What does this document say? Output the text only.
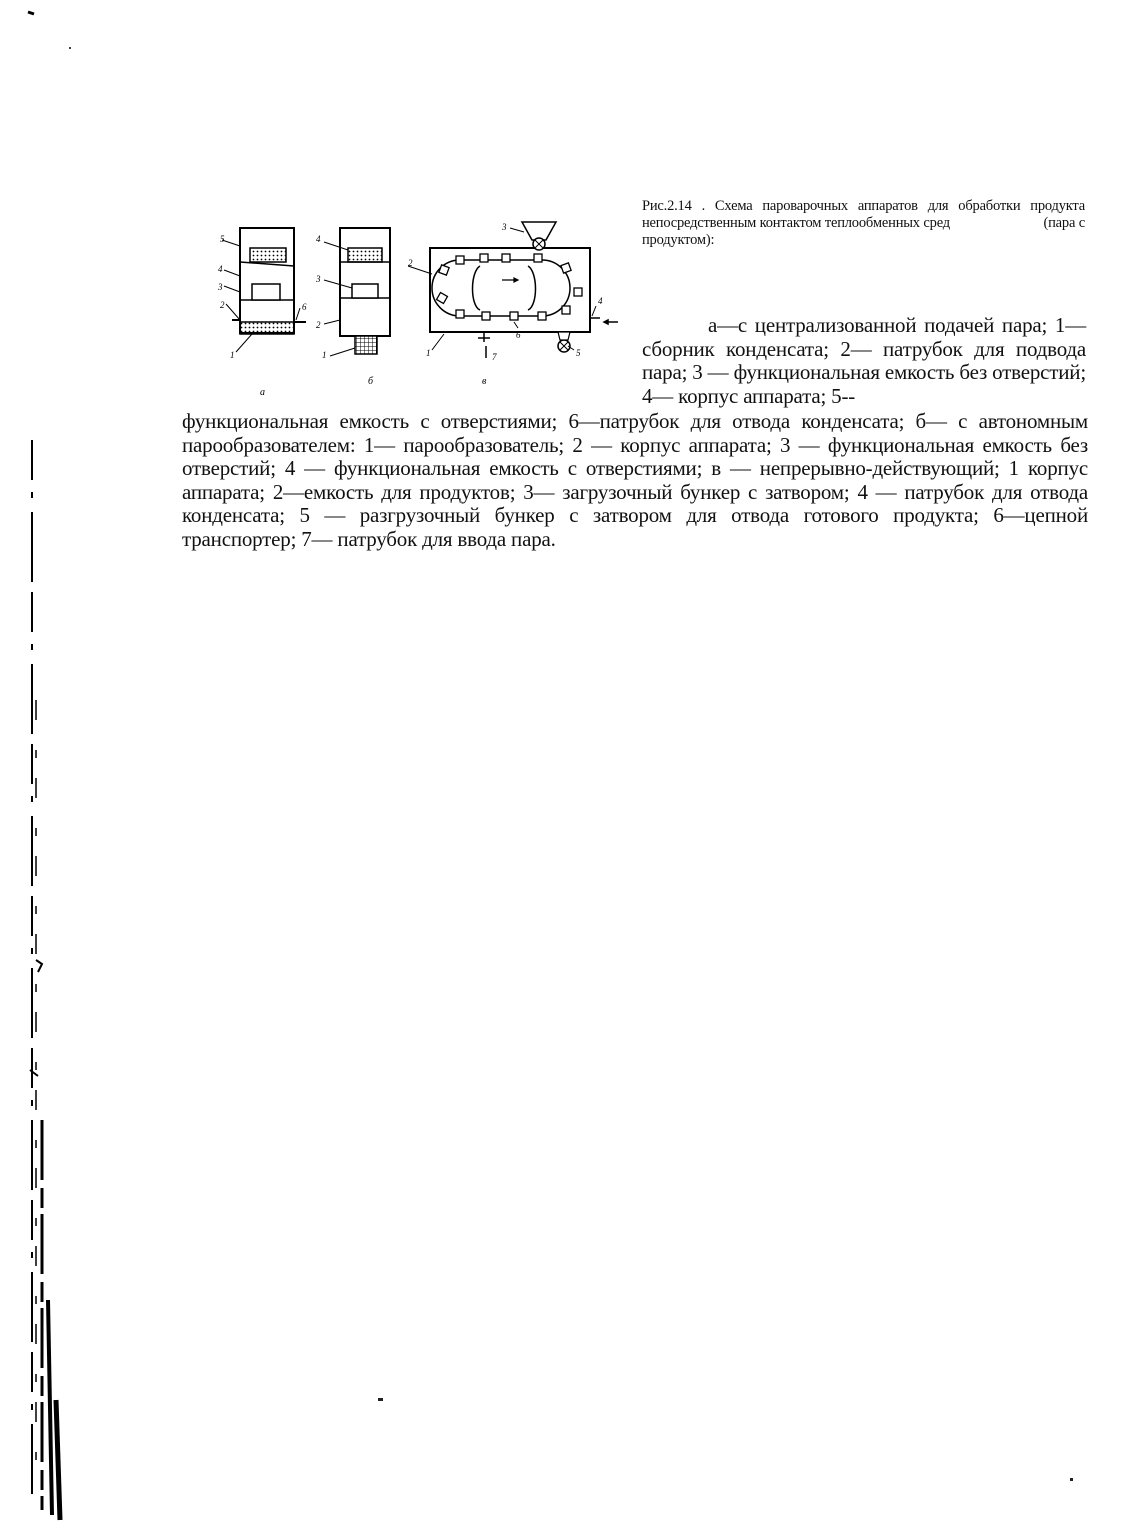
5
4
3
2	6
1
а
4
3
2
1
б
3
2
4
1	7
6
5
в
Рис.2.14 . Схема пароварочных аппаратов для обработки продукта непосредственным контактом теплообменных сред	(пара с продуктом):
а—с централизованной подачей пара; 1—сборник конденсата; 2— патрубок для подвода пара; 3 — функциональная емкость без отверстий; 4— корпус аппарата; 5--
функциональная емкость с отверстиями; 6—патрубок для отвода конденсата; б— с автономным парообразователем: 1— парообразователь; 2 — корпус аппарата; 3 — функциональная емкость без отверстий; 4 — функциональная емкость с отверстиями; в — непрерывно-действующий; 1 корпус аппарата; 2—емкость для продуктов; 3— загрузочный бункер с затвором; 4 — патрубок для отвода конденсата; 5 — разгрузочный бункер с затвором для отвода готового продукта; 6—цепной транспортер; 7— патрубок для ввода пара.
